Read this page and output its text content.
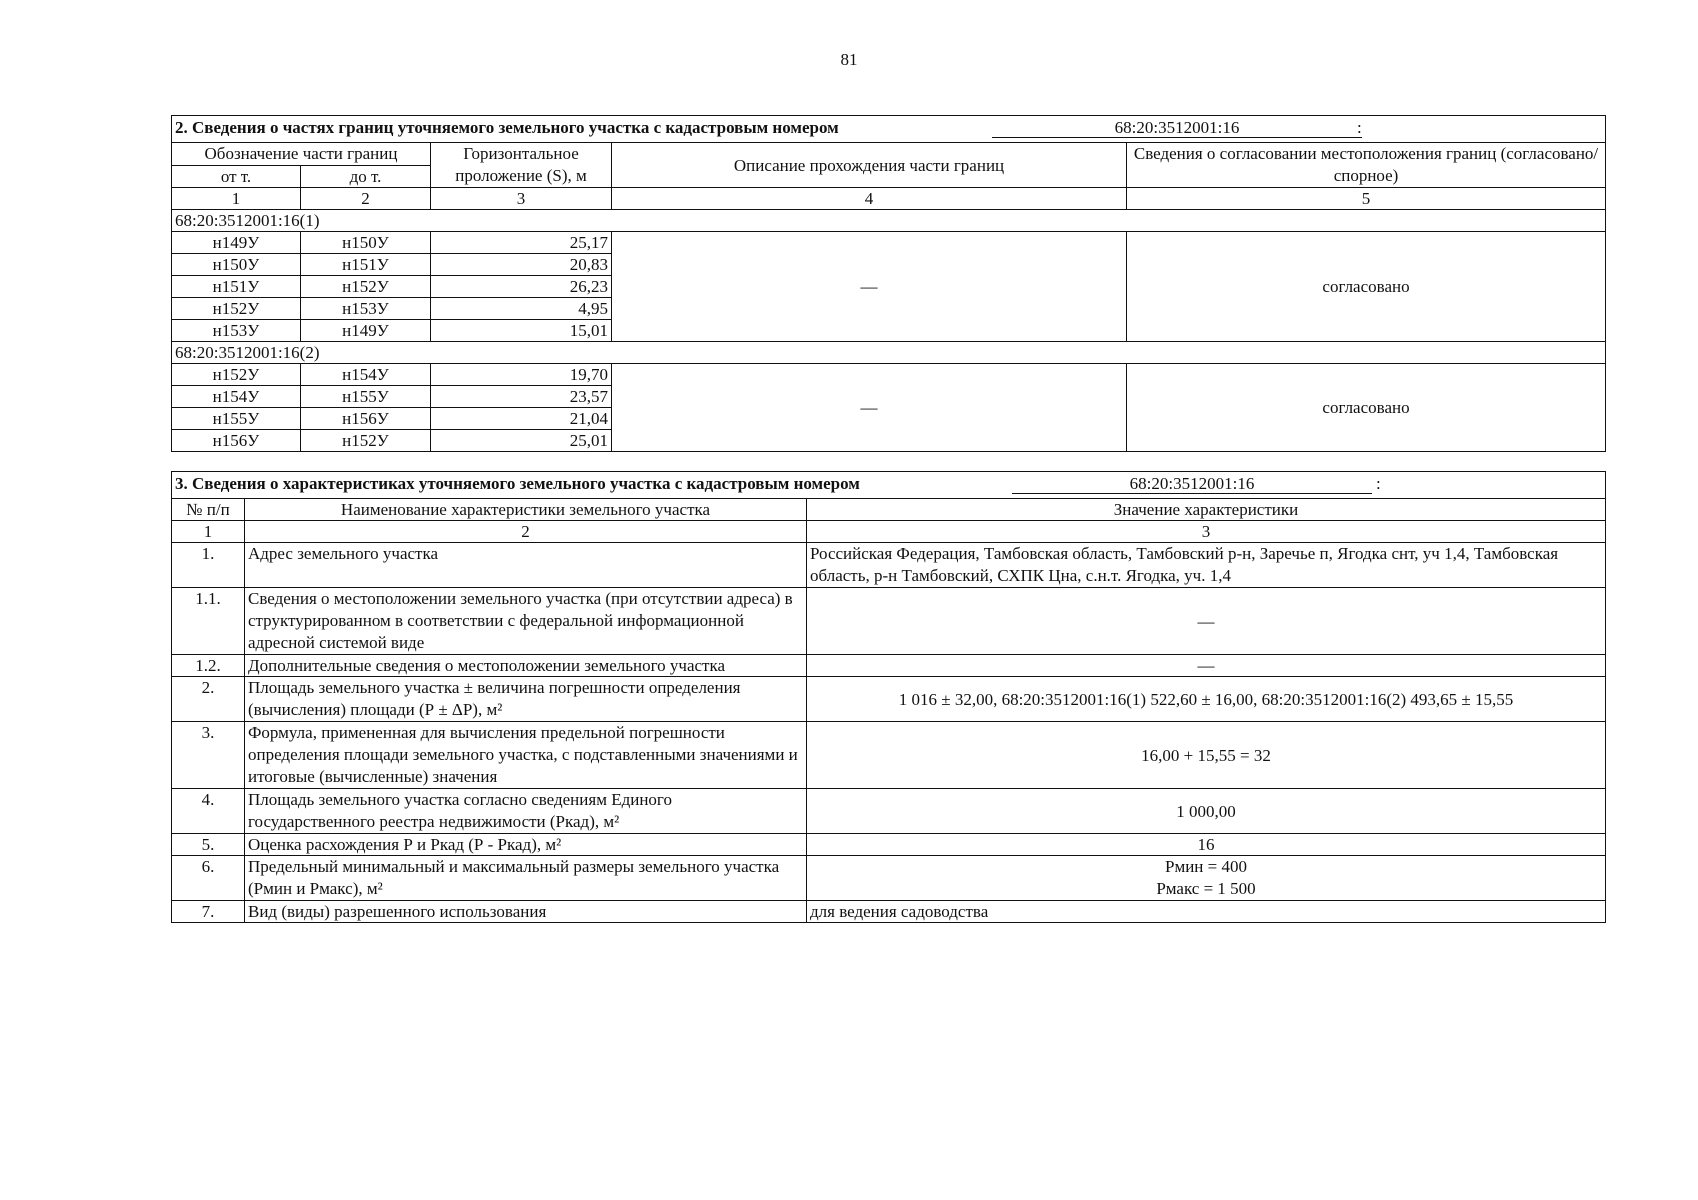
81
2. Сведения о частях границ уточняемого земельного участка с кадастровым номером 68:20:3512001:16 :				

Обозначение части границ		Горизонтальное проложение (S), м	Описание прохождения части границ	Сведения о согласовании местоположения границ (согласовано/спорное)
от т.	до т.			
1	2	3	4	5
68:20:3512001:16(1)				
н149У	н150У	25,17	—	согласовано
н150У	н151У	20,83		
н151У	н152У	26,23		
н152У	н153У	4,95		
н153У	н149У	15,01		
68:20:3512001:16(2)				
н152У	н154У	19,70	—	согласовано
н154У	н155У	23,57		
н155У	н156У	21,04		
н156У	н152У	25,01		
3. Сведения о характеристиках уточняемого земельного участка с кадастровым номером 68:20:3512001:16 :		

№ п/п	Наименование характеристики земельного участка	Значение характеристики
1	2	3
1.	Адрес земельного участка	Российская Федерация, Тамбовская область, Тамбовский р-н, Заречье п, Ягодка снт, уч 1,4, Тамбовская область, р-н Тамбовский, СХПК Цна, с.н.т. Ягодка, уч. 1,4
1.1.	Сведения о местоположении земельного участка (при отсутствии адреса) в структурированном в соответствии с федеральной информационной адресной системой виде	—
1.2.	Дополнительные сведения о местоположении земельного участка	—
2.	Площадь земельного участка ± величина погрешности определения (вычисления) площади (Р ± ΔР), м²	1 016 ± 32,00, 68:20:3512001:16(1) 522,60 ± 16,00, 68:20:3512001:16(2) 493,65 ± 15,55
3.	Формула, примененная для вычисления предельной погрешности определения площади земельного участка, с подставленными значениями и итоговые (вычисленные) значения	16,00 + 15,55 = 32
4.	Площадь земельного участка согласно сведениям Единого государственного реестра недвижимости (Ркад), м²	1 000,00
5.	Оценка расхождения Р и Ркад (Р - Ркад), м²	16
6.	Предельный минимальный и максимальный размеры земельного участка (Рмин и Рмакс), м²	Рмин = 400
Рмакс = 1 500

7.	Вид (виды) разрешенного использования	для ведения садоводства
